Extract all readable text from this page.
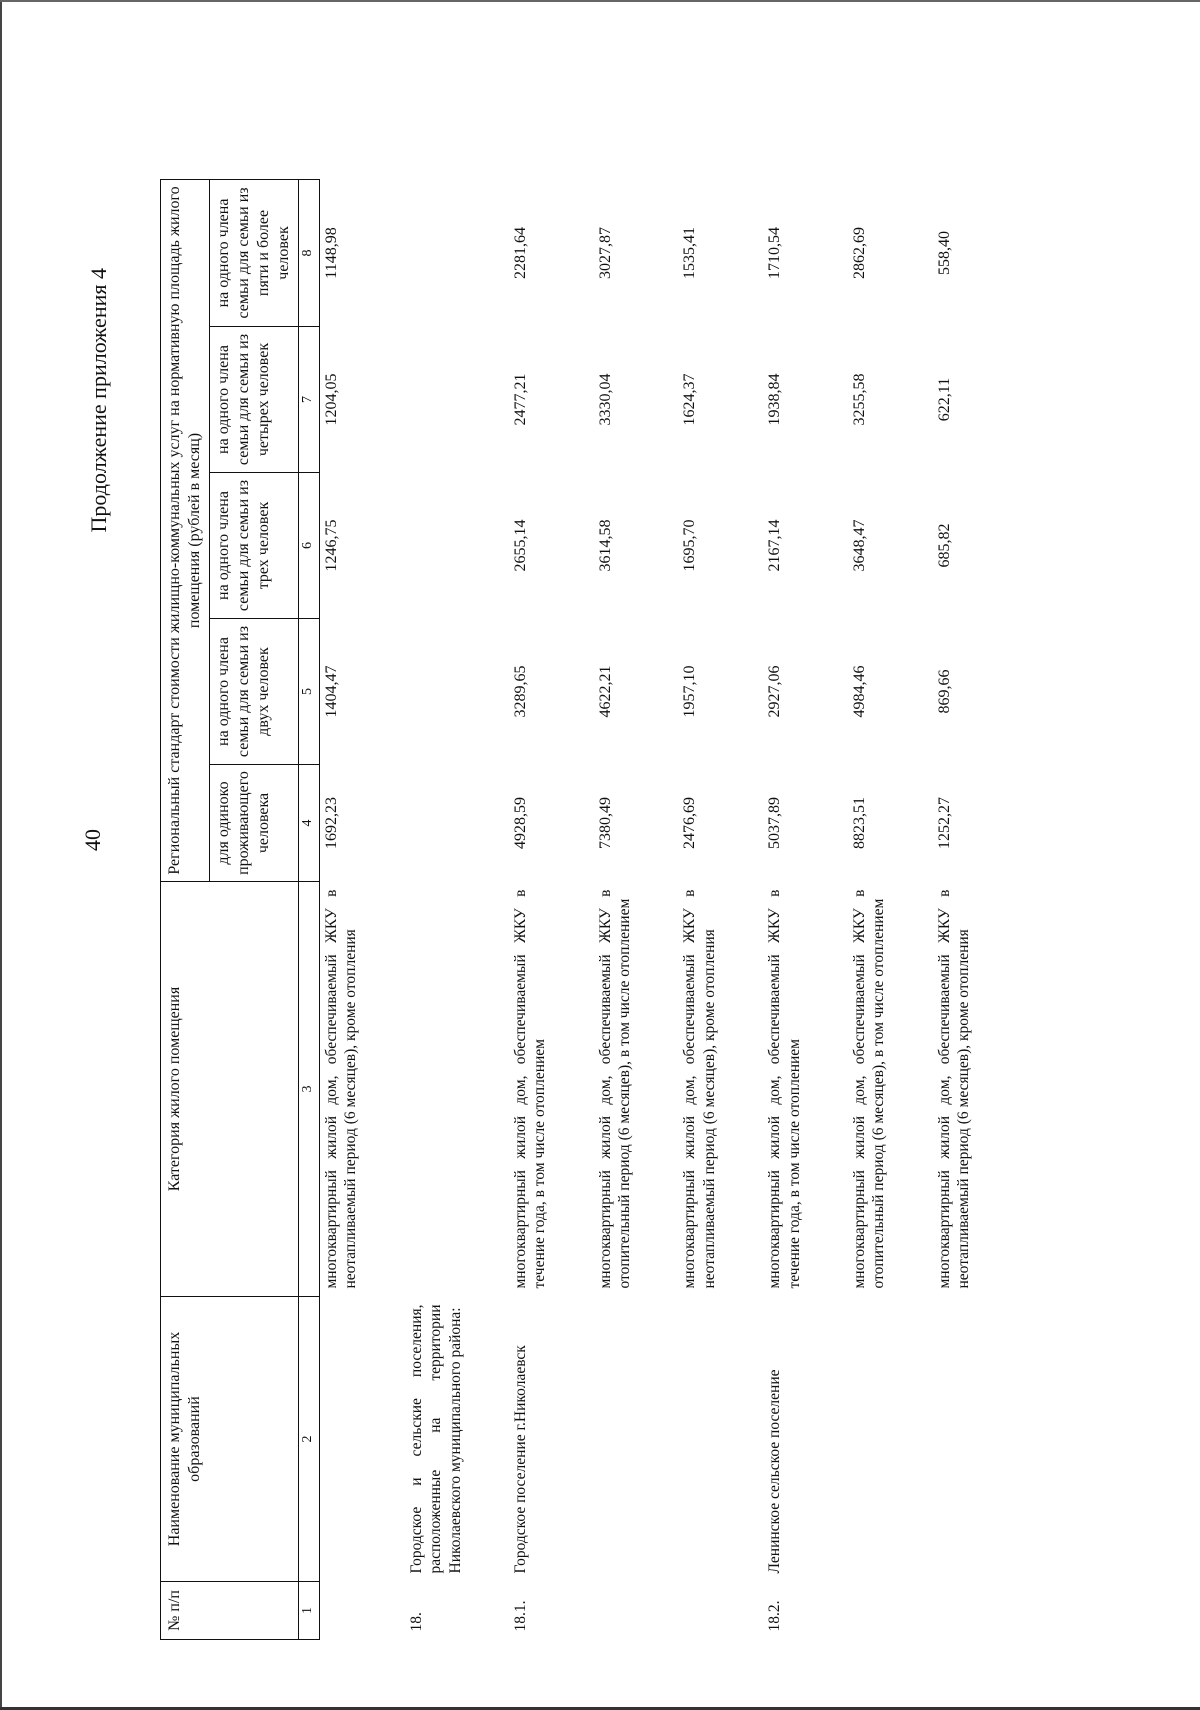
40
Продолжение приложения 4
№ п/п	Наименование муниципальных образований	Категория жилого помещения	Региональный стандарт стоимости жилищно-коммунальных услуг на нормативную площадь жилого помещения (рублей в месяц)				
			для одиноко проживающего человека	на одного члена семьи для семьи из двух человек	на одного члена семьи для семьи из трех человек	на одного члена семьи для семьи из четырех человек	на одного члена семьи для семьи из пяти и более человек
1	2	3	4	5	6	7	8
		многоквартирный жилой дом, обеспечиваемый ЖКУ в неотапливаемый период (6 месяцев), кроме отопления	1692,23	1404,47	1246,75	1204,05	1148,98

18.	Городское и сельские поселения, расположенные на территории Николаевского муниципального района:						

18.1.	Городское поселение г.Николаевск	многоквартирный жилой дом, обеспечиваемый ЖКУ в течение года, в том числе отоплением	4928,59	3289,65	2655,14	2477,21	2281,64

		многоквартирный жилой дом, обеспечиваемый ЖКУ в отопительный период (6 месяцев), в том числе отоплением	7380,49	4622,21	3614,58	3330,04	3027,87

		многоквартирный жилой дом, обеспечиваемый ЖКУ в неотапливаемый период (6 месяцев), кроме отопления	2476,69	1957,10	1695,70	1624,37	1535,41

18.2.	Ленинское сельское поселение	многоквартирный жилой дом, обеспечиваемый ЖКУ в течение года, в том числе отоплением	5037,89	2927,06	2167,14	1938,84	1710,54

		многоквартирный жилой дом, обеспечиваемый ЖКУ в отопительный период (6 месяцев), в том числе отоплением	8823,51	4984,46	3648,47	3255,58	2862,69

		многоквартирный жилой дом, обеспечиваемый ЖКУ в неотапливаемый период (6 месяцев), кроме отопления	1252,27	869,66	685,82	622,11	558,40
